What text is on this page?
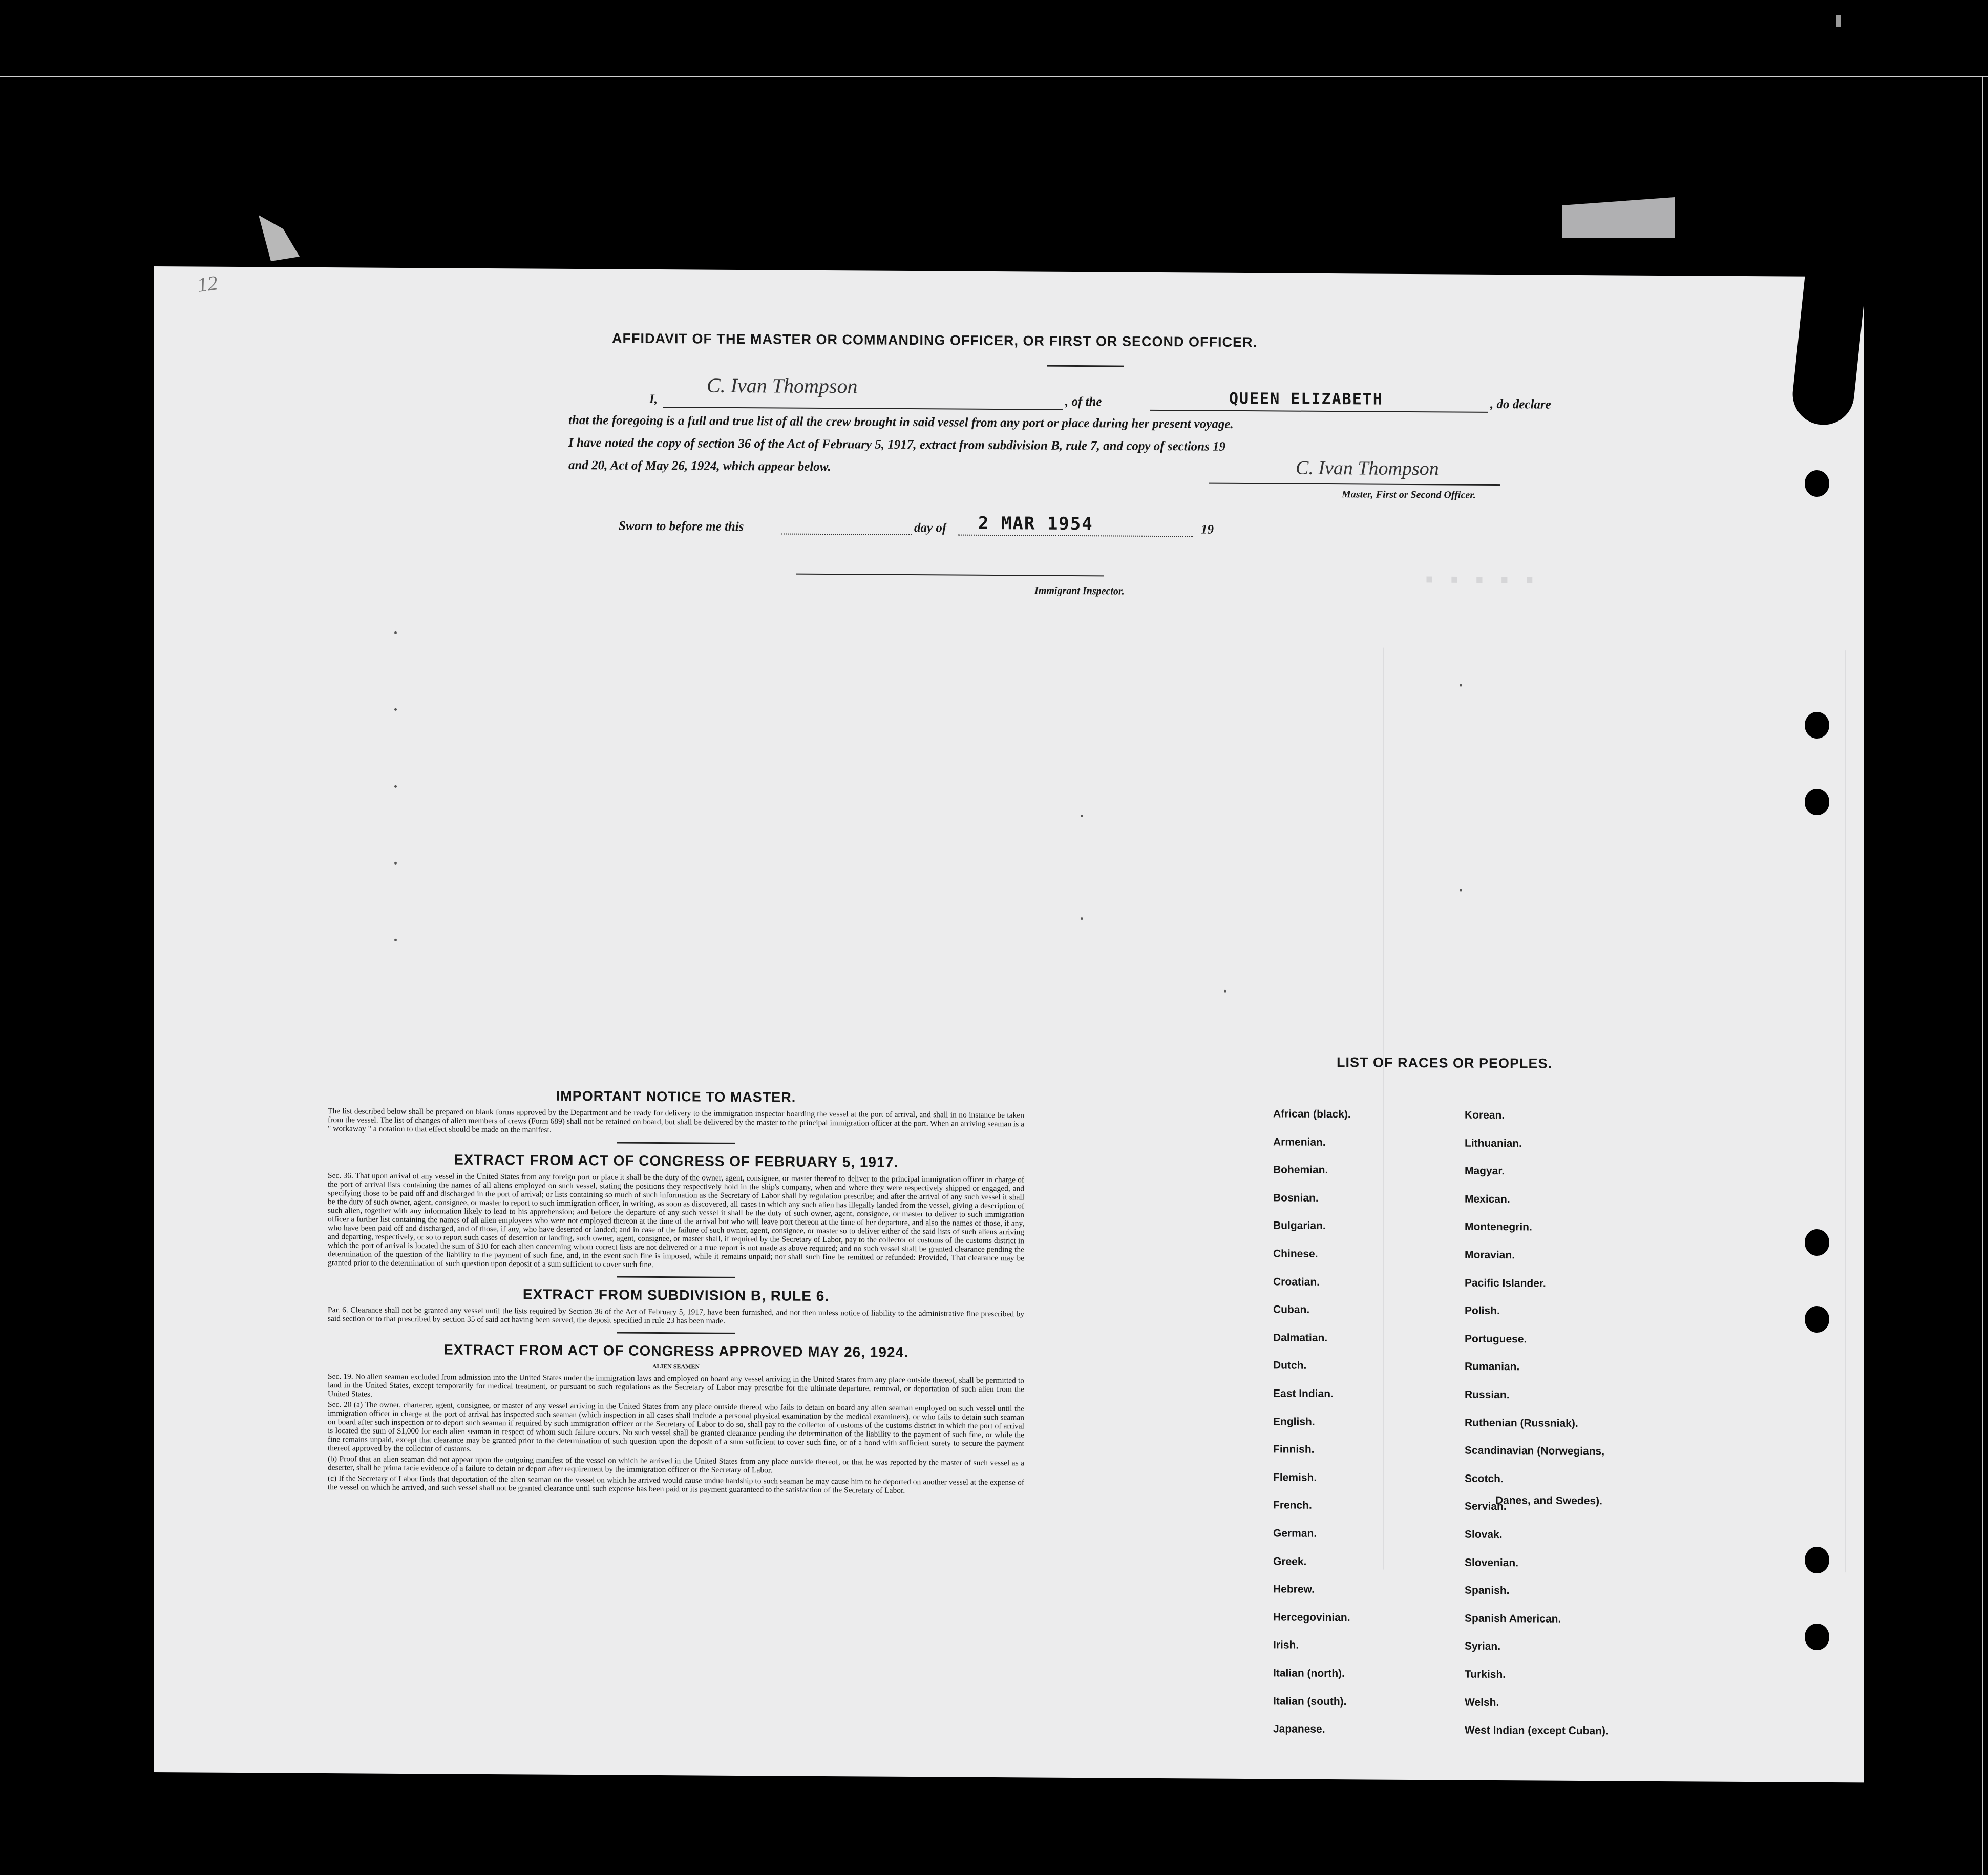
· · · · ·
12
AFFIDAVIT OF THE MASTER OR COMMANDING OFFICER, OR FIRST OR SECOND OFFICER.
I,
C. Ivan Thompson
, of the	QUEEN ELIZABETH	, do declare
that the foregoing is a full and true list of all the crew brought in said vessel from any port or place during her present voyage.
I have noted the copy of section 36 of the Act of February 5, 1917, extract from subdivision B, rule 7, and copy of sections 19
and 20, Act of May 26, 1924, which appear below.	C. Ivan Thompson
Master, First or Second Officer.
Sworn to before me this	day of 2 MAR 1954	19
Immigrant Inspector.
IMPORTANT NOTICE TO MASTER.

The list described below shall be prepared on blank forms approved by the Department and be ready for delivery to the immigration inspector boarding the vessel at the port of arrival, and shall in no instance be taken from the vessel. The list of changes of alien members of crews (Form 689) shall not be retained on board, but shall be delivered by the master to the principal immigration officer at the port. When an arriving seaman is a " workaway " a notation to that effect should be made on the manifest.

EXTRACT FROM ACT OF CONGRESS OF FEBRUARY 5, 1917.

Sec. 36. That upon arrival of any vessel in the United States from any foreign port or place it shall be the duty of the owner, agent, consignee, or master thereof to deliver to the principal immigration officer in charge of the port of arrival lists containing the names of all aliens employed on such vessel, stating the positions they respectively hold in the ship's company, when and where they were respectively shipped or engaged, and specifying those to be paid off and discharged in the port of arrival; or lists containing so much of such information as the Secretary of Labor shall by regulation prescribe; and after the arrival of any such vessel it shall be the duty of such owner, agent, consignee, or master to report to such immigration officer, in writing, as soon as discovered, all cases in which any such alien has illegally landed from the vessel, giving a description of such alien, together with any information likely to lead to his apprehension; and before the departure of any such vessel it shall be the duty of such owner, agent, consignee, or master to deliver to such immigration officer a further list containing the names of all alien employees who were not employed thereon at the time of the arrival but who will leave port thereon at the time of her departure, and also the names of those, if any, who have been paid off and discharged, and of those, if any, who have deserted or landed; and in case of the failure of such owner, agent, consignee, or master so to deliver either of the said lists of such aliens arriving and departing, respectively, or so to report such cases of desertion or landing, such owner, agent, consignee, or master shall, if required by the Secretary of Labor, pay to the collector of customs of the customs district in which the port of arrival is located the sum of $10 for each alien concerning whom correct lists are not delivered or a true report is not made as above required; and no such vessel shall be granted clearance pending the determination of the question of the liability to the payment of such fine, and, in the event such fine is imposed, while it remains unpaid; nor shall such fine be remitted or refunded: Provided, That clearance may be granted prior to the determination of such question upon deposit of a sum sufficient to cover such fine.

EXTRACT FROM SUBDIVISION B, RULE 6.

Par. 6. Clearance shall not be granted any vessel until the lists required by Section 36 of the Act of February 5, 1917, have been furnished, and not then unless notice of liability to the administrative fine prescribed by said section or to that prescribed by section 35 of said act having been served, the deposit specified in rule 23 has been made.

EXTRACT FROM ACT OF CONGRESS APPROVED MAY 26, 1924.

ALIEN SEAMEN

Sec. 19. No alien seaman excluded from admission into the United States under the immigration laws and employed on board any vessel arriving in the United States from any place outside thereof, shall be permitted to land in the United States, except temporarily for medical treatment, or pursuant to such regulations as the Secretary of Labor may prescribe for the ultimate departure, removal, or deportation of such alien from the United States.

Sec. 20 (a) The owner, charterer, agent, consignee, or master of any vessel arriving in the United States from any place outside thereof who fails to detain on board any alien seaman employed on such vessel until the immigration officer in charge at the port of arrival has inspected such seaman (which inspection in all cases shall include a personal physical examination by the medical examiners), or who fails to detain such seaman on board after such inspection or to deport such seaman if required by such immigration officer or the Secretary of Labor to do so, shall pay to the collector of customs of the customs district in which the port of arrival is located the sum of $1,000 for each alien seaman in respect of whom such failure occurs. No such vessel shall be granted clearance pending the determination of the liability to the payment of such fine, or while the fine remains unpaid, except that clearance may be granted prior to the determination of such question upon the deposit of a sum sufficient to cover such fine, or of a bond with sufficient surety to secure the payment thereof approved by the collector of customs.

(b) Proof that an alien seaman did not appear upon the outgoing manifest of the vessel on which he arrived in the United States from any place outside thereof, or that he was reported by the master of such vessel as a deserter, shall be prima facie evidence of a failure to detain or deport after requirement by the immigration officer or the Secretary of Labor.

(c) If the Secretary of Labor finds that deportation of the alien seaman on the vessel on which he arrived would cause undue hardship to such seaman he may cause him to be deported on another vessel at the expense of the vessel on which he arrived, and such vessel shall not be granted clearance until such expense has been paid or its payment guaranteed to the satisfaction of the Secretary of Labor.

LIST OF RACES OR PEOPLES.
African (black).
Armenian.
Bohemian.
Bosnian.
Bulgarian.
Chinese.
Croatian.
Cuban.
Dalmatian.
Dutch.
East Indian.
English.
Finnish.
Flemish.
French.
German.
Greek.
Hebrew.
Hercegovinian.
Irish.
Italian (north).
Italian (south).
Japanese.
Korean.
Lithuanian.
Magyar.
Mexican.
Montenegrin.
Moravian.
Pacific Islander.
Polish.
Portuguese.
Rumanian.
Russian.
Ruthenian (Russniak).
Scandinavian (Norwegians,
Scotch.
Servian.
Slovak.
Slovenian.
Spanish.
Spanish American.
Syrian.
Turkish.
Welsh.
West Indian (except Cuban).
Danes, and Swedes).
